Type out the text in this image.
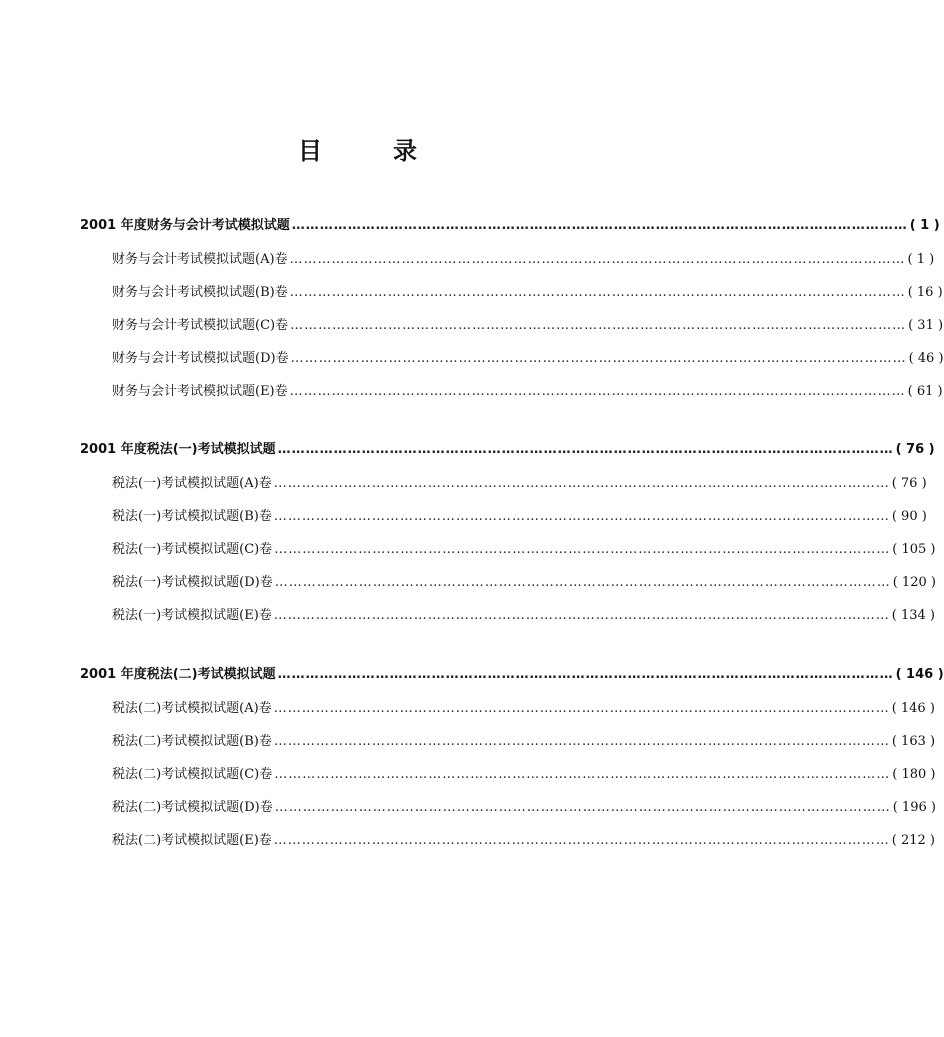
目	录
2001 年度财务与会计考试模拟试题 …………………………………………………………………………………………………………………… ( 1 )
财务与会计考试模拟试题(A)卷 …………………………………………………………………………………………………………………… ( 1 )
财务与会计考试模拟试题(B)卷 …………………………………………………………………………………………………………………… ( 16 )
财务与会计考试模拟试题(C)卷 …………………………………………………………………………………………………………………… ( 31 )
财务与会计考试模拟试题(D)卷 …………………………………………………………………………………………………………………… ( 46 )
财务与会计考试模拟试题(E)卷 …………………………………………………………………………………………………………………… ( 61 )
2001 年度税法(一)考试模拟试题 …………………………………………………………………………………………………………………… ( 76 )
税法(一)考试模拟试题(A)卷 …………………………………………………………………………………………………………………… ( 76 )
税法(一)考试模拟试题(B)卷 …………………………………………………………………………………………………………………… ( 90 )
税法(一)考试模拟试题(C)卷 …………………………………………………………………………………………………………………… ( 105 )
税法(一)考试模拟试题(D)卷 …………………………………………………………………………………………………………………… ( 120 )
税法(一)考试模拟试题(E)卷 …………………………………………………………………………………………………………………… ( 134 )
2001 年度税法(二)考试模拟试题 …………………………………………………………………………………………………………………… ( 146 )
税法(二)考试模拟试题(A)卷 …………………………………………………………………………………………………………………… ( 146 )
税法(二)考试模拟试题(B)卷 …………………………………………………………………………………………………………………… ( 163 )
税法(二)考试模拟试题(C)卷 …………………………………………………………………………………………………………………… ( 180 )
税法(二)考试模拟试题(D)卷 …………………………………………………………………………………………………………………… ( 196 )
税法(二)考试模拟试题(E)卷 …………………………………………………………………………………………………………………… ( 212 )
